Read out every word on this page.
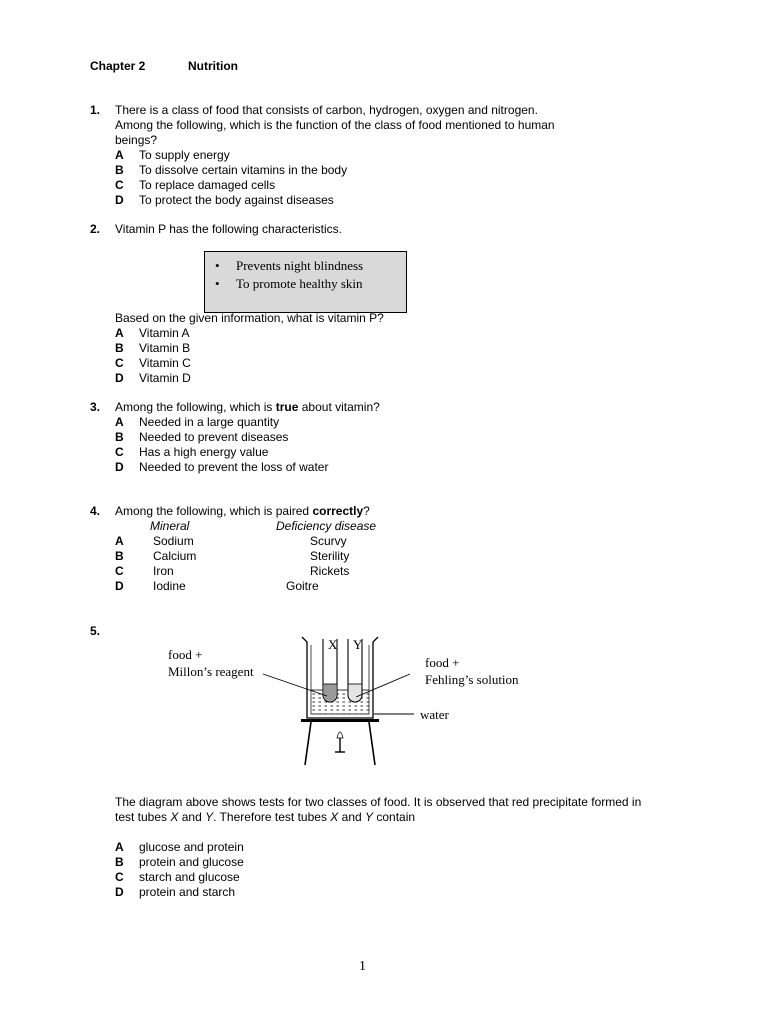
Chapter 2	Nutrition
1. There is a class of food that consists of carbon, hydrogen, oxygen and nitrogen.
Among the following, which is the function of the class of food mentioned to human
beings?
A To supply energy
B To dissolve certain vitamins in the body
C To replace damaged cells
D To protect the body against diseases
2. Vitamin P has the following characteristics.
• Prevents night blindness
• To promote healthy skin
Based on the given information, what is vitamin P?
A Vitamin A
B Vitamin B
C Vitamin C
D Vitamin D
3. Among the following, which is true about vitamin?
A Needed in a large quantity
B Needed to prevent diseases
C Has a high energy value
D Needed to prevent the loss of water
4. Among the following, which is paired correctly?
Mineral	Deficiency disease
A Sodium	Scurvy
B Calcium	Sterility
C Iron	Rickets
D Iodine	Goitre
5.
food +
Millon’s reagent
X Y
food +
Fehling’s solution
water
The diagram above shows tests for two classes of food. It is observed that red precipitate formed in
test tubes X and Y. Therefore test tubes X and Y contain
A glucose and protein
B protein and glucose
C starch and glucose
D protein and starch
1
